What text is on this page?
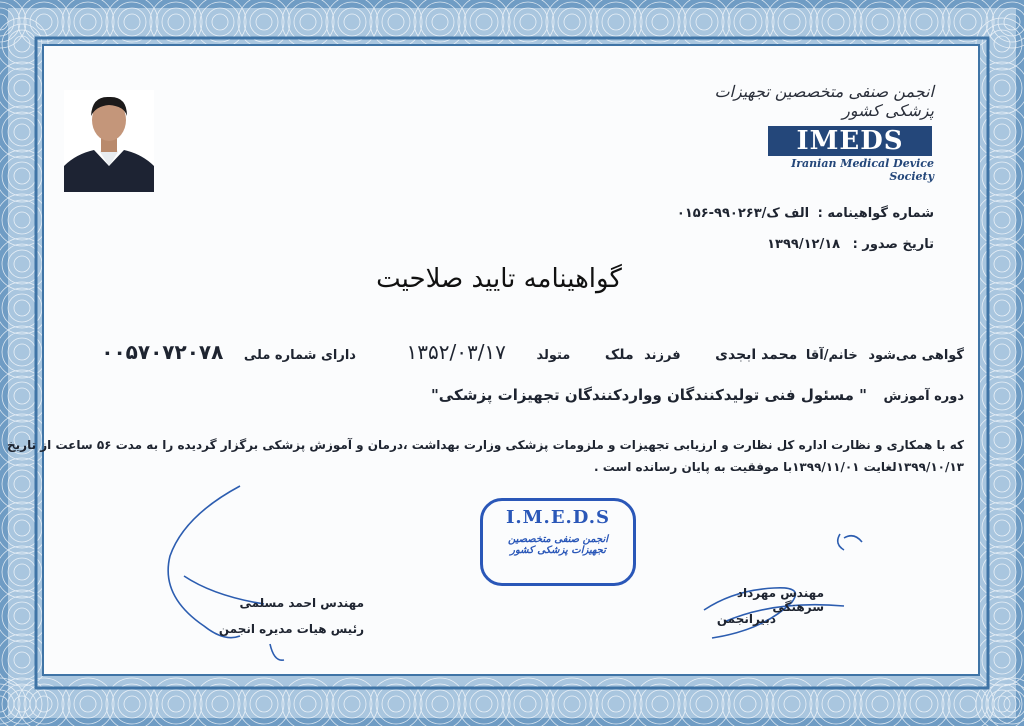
انجمن صنفی متخصصین تجهیزات پزشکی کشور
IMEDS
Iranian Medical Device Society
شماره گواهینامه : ۰۱۵۶-۹۹۰۲۶۳/الف ک
تاریخ صدور : ۱۳۹۹/۱۲/۱۸
گواهینامه تایید صلاحیت
گواهی می‌شود خانم/آقا محمد ابجدی فرزند ملک متولد ۱۳۵۲/۰۳/۱۷ دارای شماره ملی ۰۰۵۷۰۷۲۰۷۸
دوره آموزش " مسئول فنی تولیدکنندگان ووارد‌کنندگان تجهیزات پزشکی"
که با همکاری و نظارت اداره کل نظارت و ارزیابی تجهیزات و ملزومات پزشکی وزارت بهداشت ،درمان و آموزش پزشکی برگزار گردیده را به مدت ۵۶ ساعت از تاریخ
۱۳۹۹/۱۰/۱۳لغایت ۱۳۹۹/۱۱/۰۱با موفقیت به پایان رسانده است .
I.M.E.D.S
انجمن صنفی متخصصین
تجهیزات پزشکی کشور
مهندس احمد مسلمی
رئیس هیات مدیره انجمن
مهندس مهرداد سرهنگی
دبیرانجمن
